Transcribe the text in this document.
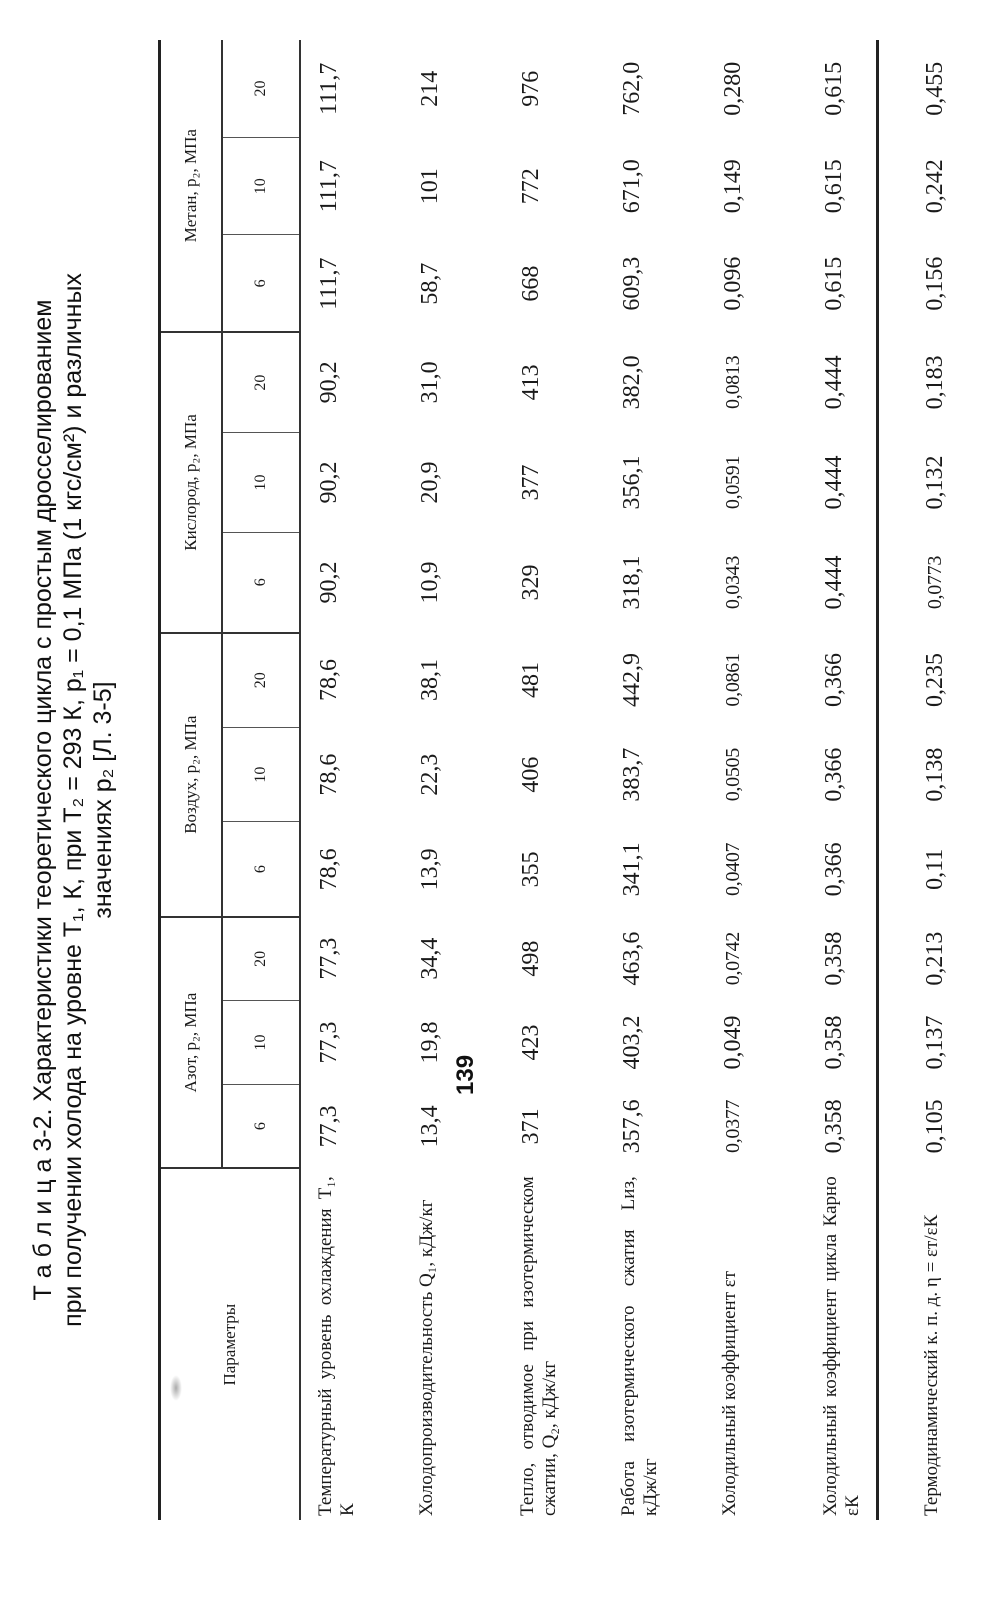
139
Т а б л и ц а 3-2. Характеристики теоретического цикла с простым дросселированием при получении холода на уровне T₁, К, при T₂ = 293 К, p₁ = 0,1 МПа (1 кгс/см²) и различных значениях p₂ [Л. 3-5]
Параметры	Азот, p₂, МПа			Воздух, p₂, МПа			Кислород, p₂, МПа			Метан, p₂, МПа		
	6	10	20	6	10	20	6	10	20	6	10	20
Температурный уровень охлаждения T₁, К	77,3	77,3	77,3	78,6	78,6	78,6	90,2	90,2	90,2	111,7	111,7	111,7
Холодопроизводительность Q₁, кДж/кг	13,4	19,8	34,4	13,9	22,3	38,1	10,9	20,9	31,0	58,7	101	214
Тепло, отводимое при изотермическом сжатии, Q₂, кДж/кг	371	423	498	355	406	481	329	377	413	668	772	976
Работа изотермического сжатия Lиз, кДж/кг	357,6	403,2	463,6	341,1	383,7	442,9	318,1	356,1	382,0	609,3	671,0	762,0
Холодильный коэффициент εт	0,0377	0,049	0,0742	0,0407	0,0505	0,0861	0,0343	0,0591	0,0813	0,096	0,149	0,280
Холодильный коэффициент цикла Карно εК	0,358	0,358	0,358	0,366	0,366	0,366	0,444	0,444	0,444	0,615	0,615	0,615
Термодинамический к. п. д. η = εт/εК	0,105	0,137	0,213	0,11	0,138	0,235	0,0773	0,132	0,183	0,156	0,242	0,455
